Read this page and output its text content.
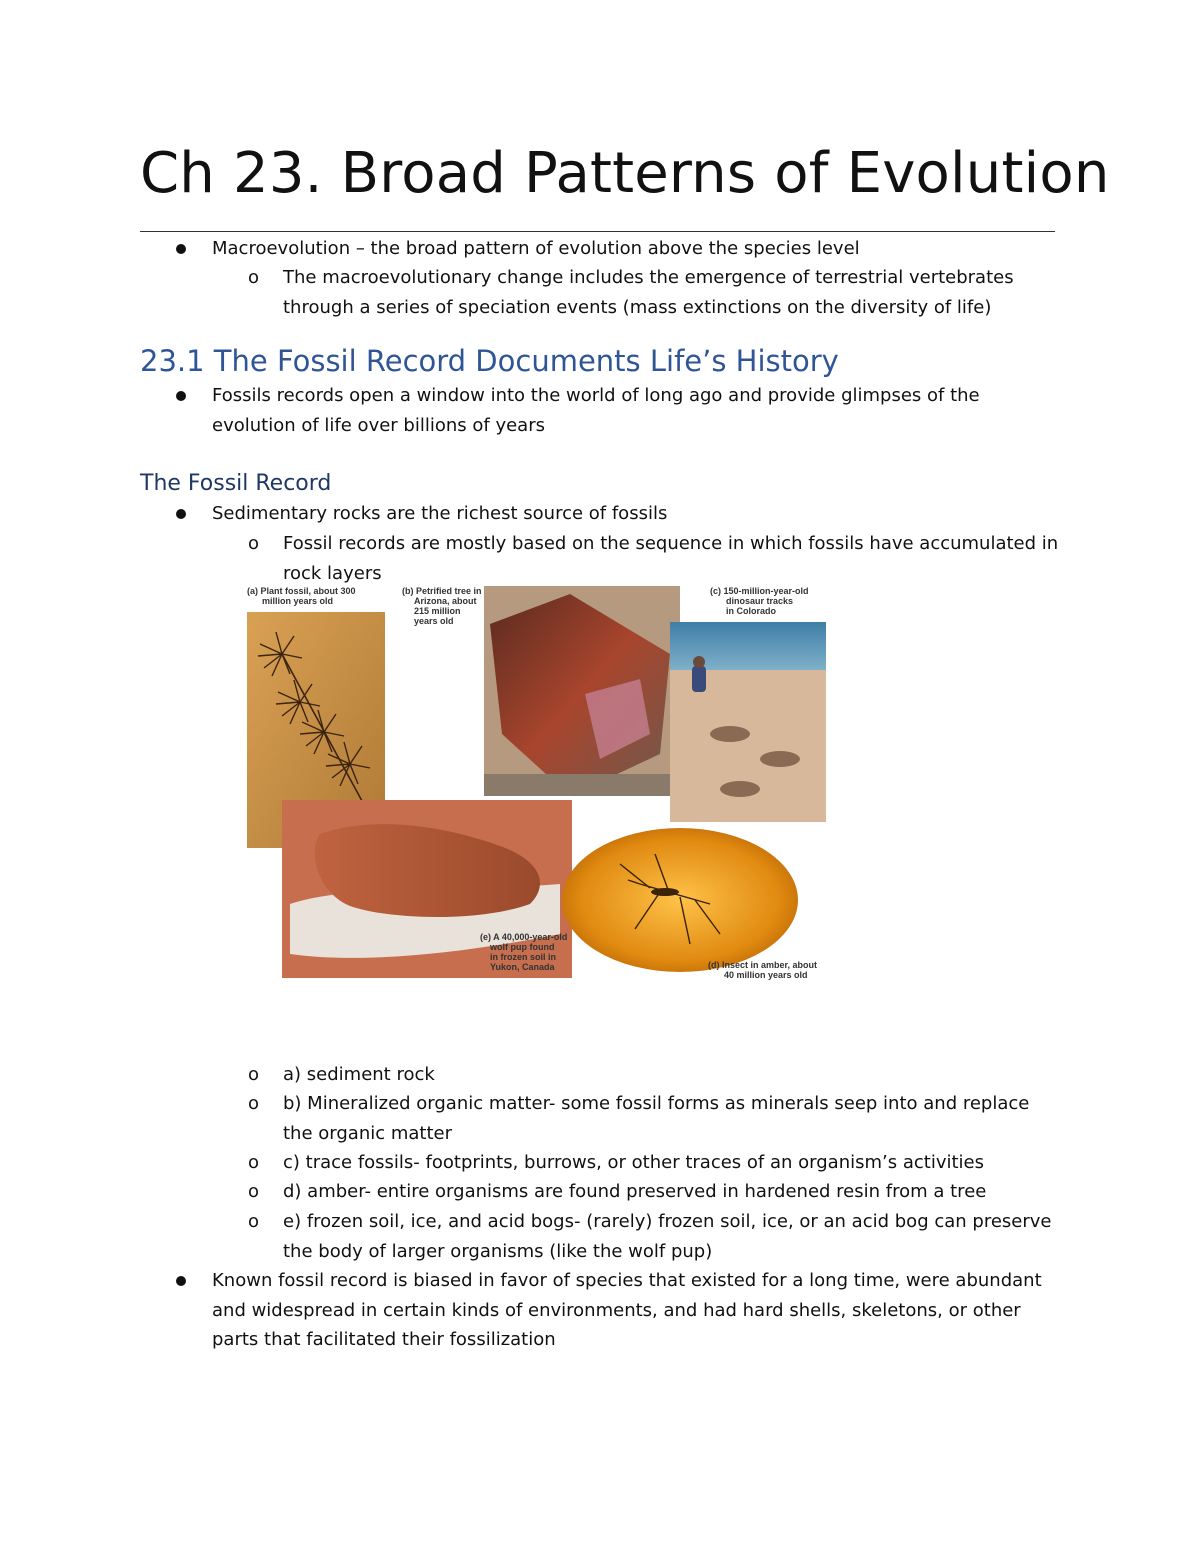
Ch 23. Broad Patterns of Evolution

Macroevolution – the broad pattern of evolution above the species level

o The macroevolutionary change includes the emergence of terrestrial vertebrates through a series of speciation events (mass extinctions on the diversity of life)

23.1 The Fossil Record Documents Life’s History

Fossils records open a window into the world of long ago and provide glimpses of the evolution of life over billions of years

The Fossil Record

Sedimentary rocks are the richest source of fossils

o Fossil records are mostly based on the sequence in which fossils have accumulated in rock layers

(a) Plant fossil, about 300 million years old
(b) Petrified tree in Arizona, about 215 million years old
(c) 150-million-year-old dinosaur tracks in Colorado
(e) A 40,000-year-old wolf pup found in frozen soil in Yukon, Canada	(d) Insect in amber, about 40 million years old
o a) sediment rock

o b) Mineralized organic matter- some fossil forms as minerals seep into and replace the organic matter

o c) trace fossils- footprints, burrows, or other traces of an organism’s activities

o d) amber- entire organisms are found preserved in hardened resin from a tree

o e) frozen soil, ice, and acid bogs- (rarely) frozen soil, ice, or an acid bog can preserve the body of larger organisms (like the wolf pup)

Known fossil record is biased in favor of species that existed for a long time, were abundant and widespread in certain kinds of environments, and had hard shells, skeletons, or other parts that facilitated their fossilization
